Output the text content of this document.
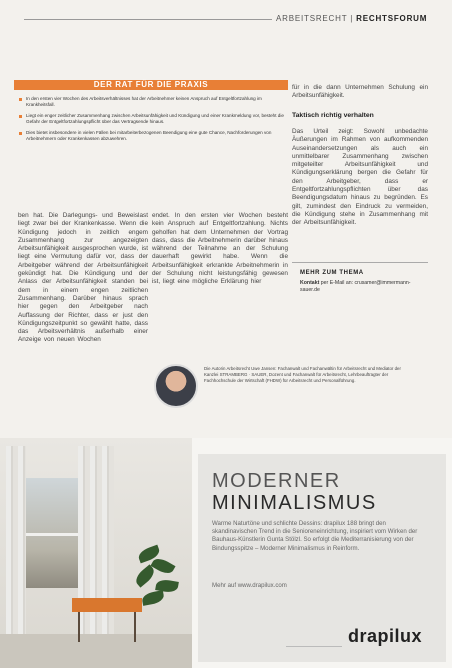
ARBEITSRECHT | RECHTSFORUM
DER RAT FÜR DIE PRAXIS
In den ersten vier Wochen des Arbeitsverhältnisses hat der Arbeitnehmer keinen Anspruch auf Entgeltfortzahlung im Krankheitsfall.
Liegt ein enger zeitlicher Zusammenhang zwischen Arbeitsunfähigkeit und Kündigung und einer Krankmeldung vor, besteht die Gefahr der Entgeltfortzahlungspflicht über das Vertragsende hinaus.
Dies bietet insbesondere in vielen Fällen bei mitarbeiterbezogenen Beendigung eine gute Chance, Nachforderungen von Arbeitnehmern oder Krankenkassen abzuwehren.
ben hat. Die Darlegungs- und Beweislast liegt zwar bei der Krankenkasse. Wenn die Kündigung jedoch in zeitlich engem Zusammenhang zur angezeigten Arbeitsunfähigkeit ausgesprochen wurde, ist liegt eine Vermutung dafür vor, dass der Arbeitgeber während der Arbeitsunfähigkeit gekündigt hat. Die Kündigung und der Anlass der Arbeitsunfähigkeit standen bei dem in einem engen zeitlichen Zusammenhang. Darüber hinaus sprach hier gegen den Arbeitgeber nach Auffassung der Richter, dass er just den Kündigungszeitpunkt so gewählt hatte, dass das Arbeitsverhältnis außerhalb einer Anzeige von neuen Wochen
endet. In den ersten vier Wochen besteht kein Anspruch auf Entgeltfortzahlung. Nichts geholfen hat dem Unternehmen der Vortrag dass, dass die Arbeitnehmerin darüber hinaus während der Teilnahme an der Schulung dauerhaft gewirkt habe. Wenn die Arbeitsunfähigkeit erkrankte Arbeitnehmerin in der Schulung nicht leistungsfähig gewesen ist, liegt eine mögliche Erklärung hier
für in die dann Unternehmen Schulung ein Arbeitsunfähigkeit.
Taktisch richtig verhalten
Das Urteil zeigt: Sowohl unbedachte Äußerungen im Rahmen von aufkommenden Auseinandersetzungen als auch ein unmittelbarer Zusammenhang zwischen mitgeteilter Arbeitsunfähigkeit und Kündigungserklärung bergen die Gefahr für den Arbeitgeber, dass er Entgeltfortzahlungspflichten über das Beendigungsdatum hinaus zu begründen. Es gilt, zumindest den Eindruck zu vermeiden, die Kündigung stehe in Zusammenhang mit der Arbeitsunfähigkeit.
MEHR ZUM THEMA
Kontakt per E-Mail an: crusamer@immermann-sauer.de
Die Autorin Arbeitsrecht Uwe Jansen: Fachanwalt und Fachanwältin für Arbeitsrecht und Mediator der Kanzlei STRAMBERG · SAUER, Dozent und Fachanwalt für Arbeitsrecht, Lehrbeauftragter der Fachhochschule der Wirtschaft (FHDW) für Arbeitsrecht und Personalführung.
MODERNER
MINIMALISMUS
Warme Naturtöne und schlichte Dessins: drapilux 188 bringt den skandinavischen Trend in die Senioreneinrichtung, inspiriert vom Wirken der Bauhaus-Künstlerin Gunta Stölzl. So erfolgt die Mediterranisierung von der Bindungsspitze – Moderner Minimalismus in Reinform.
Mehr auf www.drapilux.com
drapilux
